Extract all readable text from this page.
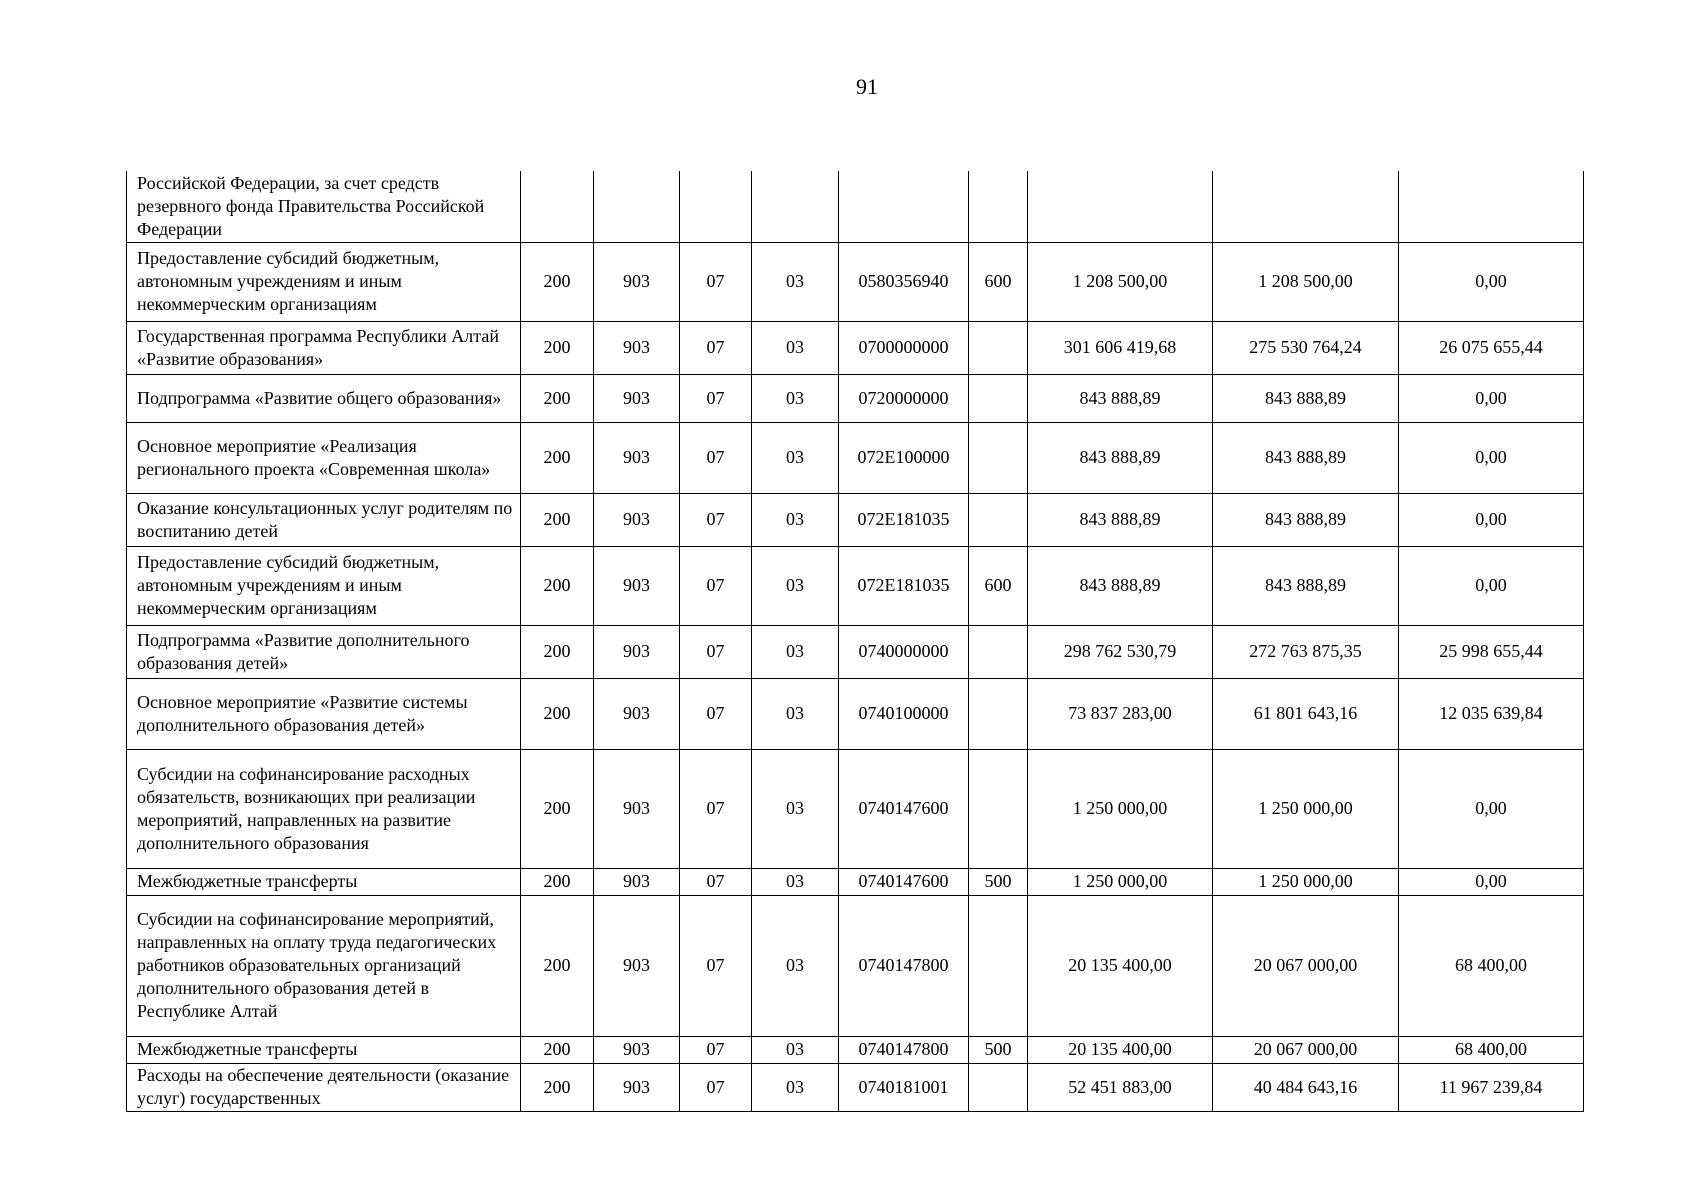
91
Российской Федерации, за счет средств резервного фонда Правительства Российской Федерации									
Предоставление субсидий бюджетным, автономным учреждениям и иным некоммерческим организациям	200	903	07	03	0580356940	600	1 208 500,00	1 208 500,00	0,00
Государственная программа Республики Алтай «Развитие образования»	200	903	07	03	0700000000		301 606 419,68	275 530 764,24	26 075 655,44
Подпрограмма «Развитие общего образования»	200	903	07	03	0720000000		843 888,89	843 888,89	0,00
Основное мероприятие «Реализация регионального проекта «Современная школа»	200	903	07	03	072E100000		843 888,89	843 888,89	0,00
Оказание консультационных услуг родителям по воспитанию детей	200	903	07	03	072E181035		843 888,89	843 888,89	0,00
Предоставление субсидий бюджетным, автономным учреждениям и иным некоммерческим организациям	200	903	07	03	072E181035	600	843 888,89	843 888,89	0,00
Подпрограмма «Развитие дополнительного образования детей»	200	903	07	03	0740000000		298 762 530,79	272 763 875,35	25 998 655,44
Основное мероприятие «Развитие системы дополнительного образования детей»	200	903	07	03	0740100000		73 837 283,00	61 801 643,16	12 035 639,84
Субсидии на софинансирование расходных обязательств, возникающих при реализации мероприятий, направленных на развитие дополнительного образования	200	903	07	03	0740147600		1 250 000,00	1 250 000,00	0,00
Межбюджетные трансферты	200	903	07	03	0740147600	500	1 250 000,00	1 250 000,00	0,00
Субсидии на софинансирование мероприятий, направленных на оплату труда педагогических работников образовательных организаций дополнительного образования детей в Республике Алтай	200	903	07	03	0740147800		20 135 400,00	20 067 000,00	68 400,00
Межбюджетные трансферты	200	903	07	03	0740147800	500	20 135 400,00	20 067 000,00	68 400,00
Расходы на обеспечение деятельности (оказание услуг) государственных	200	903	07	03	0740181001		52 451 883,00	40 484 643,16	11 967 239,84
